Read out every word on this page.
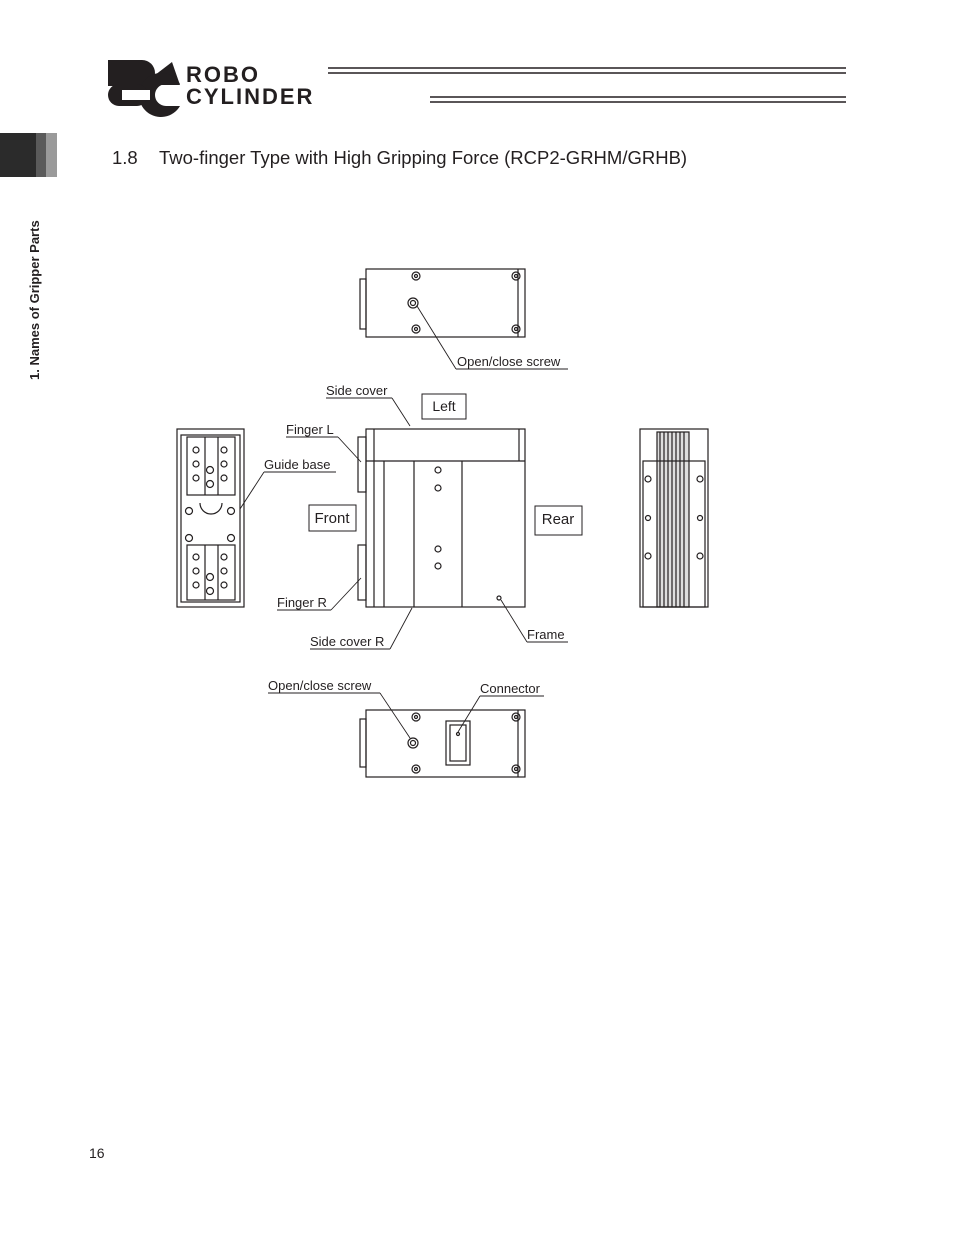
ROBO
CYLINDER
1. Names of Gripper Parts
1.8 Two-finger Type with High Gripping Force (RCP2-GRHM/GRHB)
Open/close screw
Side cover
Left
Finger L
Guide base
Front	Rear
Finger R
Side cover R	Frame
Open/close screw	Connector
16
